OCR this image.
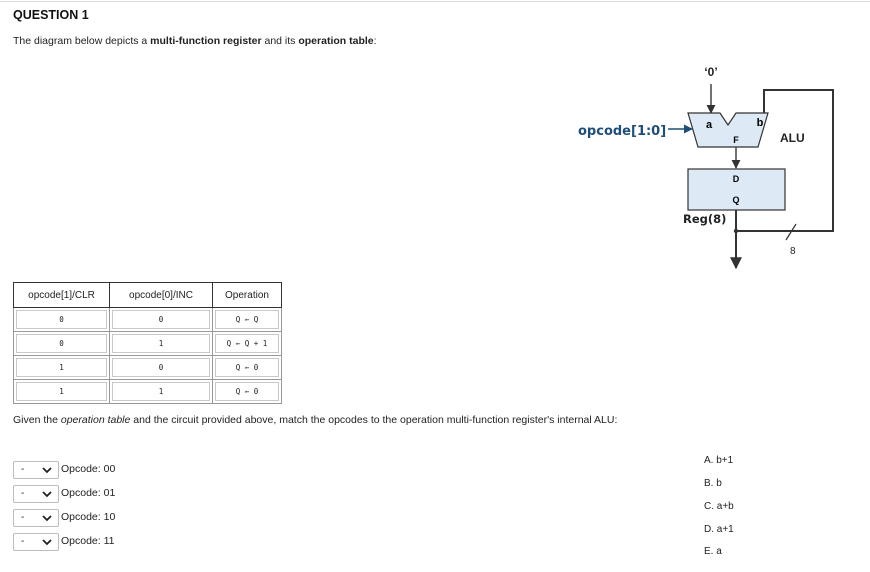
QUESTION 1
The diagram below depicts a multi-function register and its operation table:
‘0’
a	b
F	ALU
opcode[1:0]
D
Q
Reg(8)
8
opcode[1]/CLR	opcode[0]/INC	Operation

0	0	Q ← Q

0	1	Q ← Q + 1

1	0	Q ← 0

1	1	Q ← 0
Given the operation table and the circuit provided above, match the opcodes to the operation multi-function register's internal ALU:
-	Opcode: 00
-	Opcode: 01
-	Opcode: 10
-	Opcode: 11
A. b+1
B. b
C. a+b
D. a+1
E. a
